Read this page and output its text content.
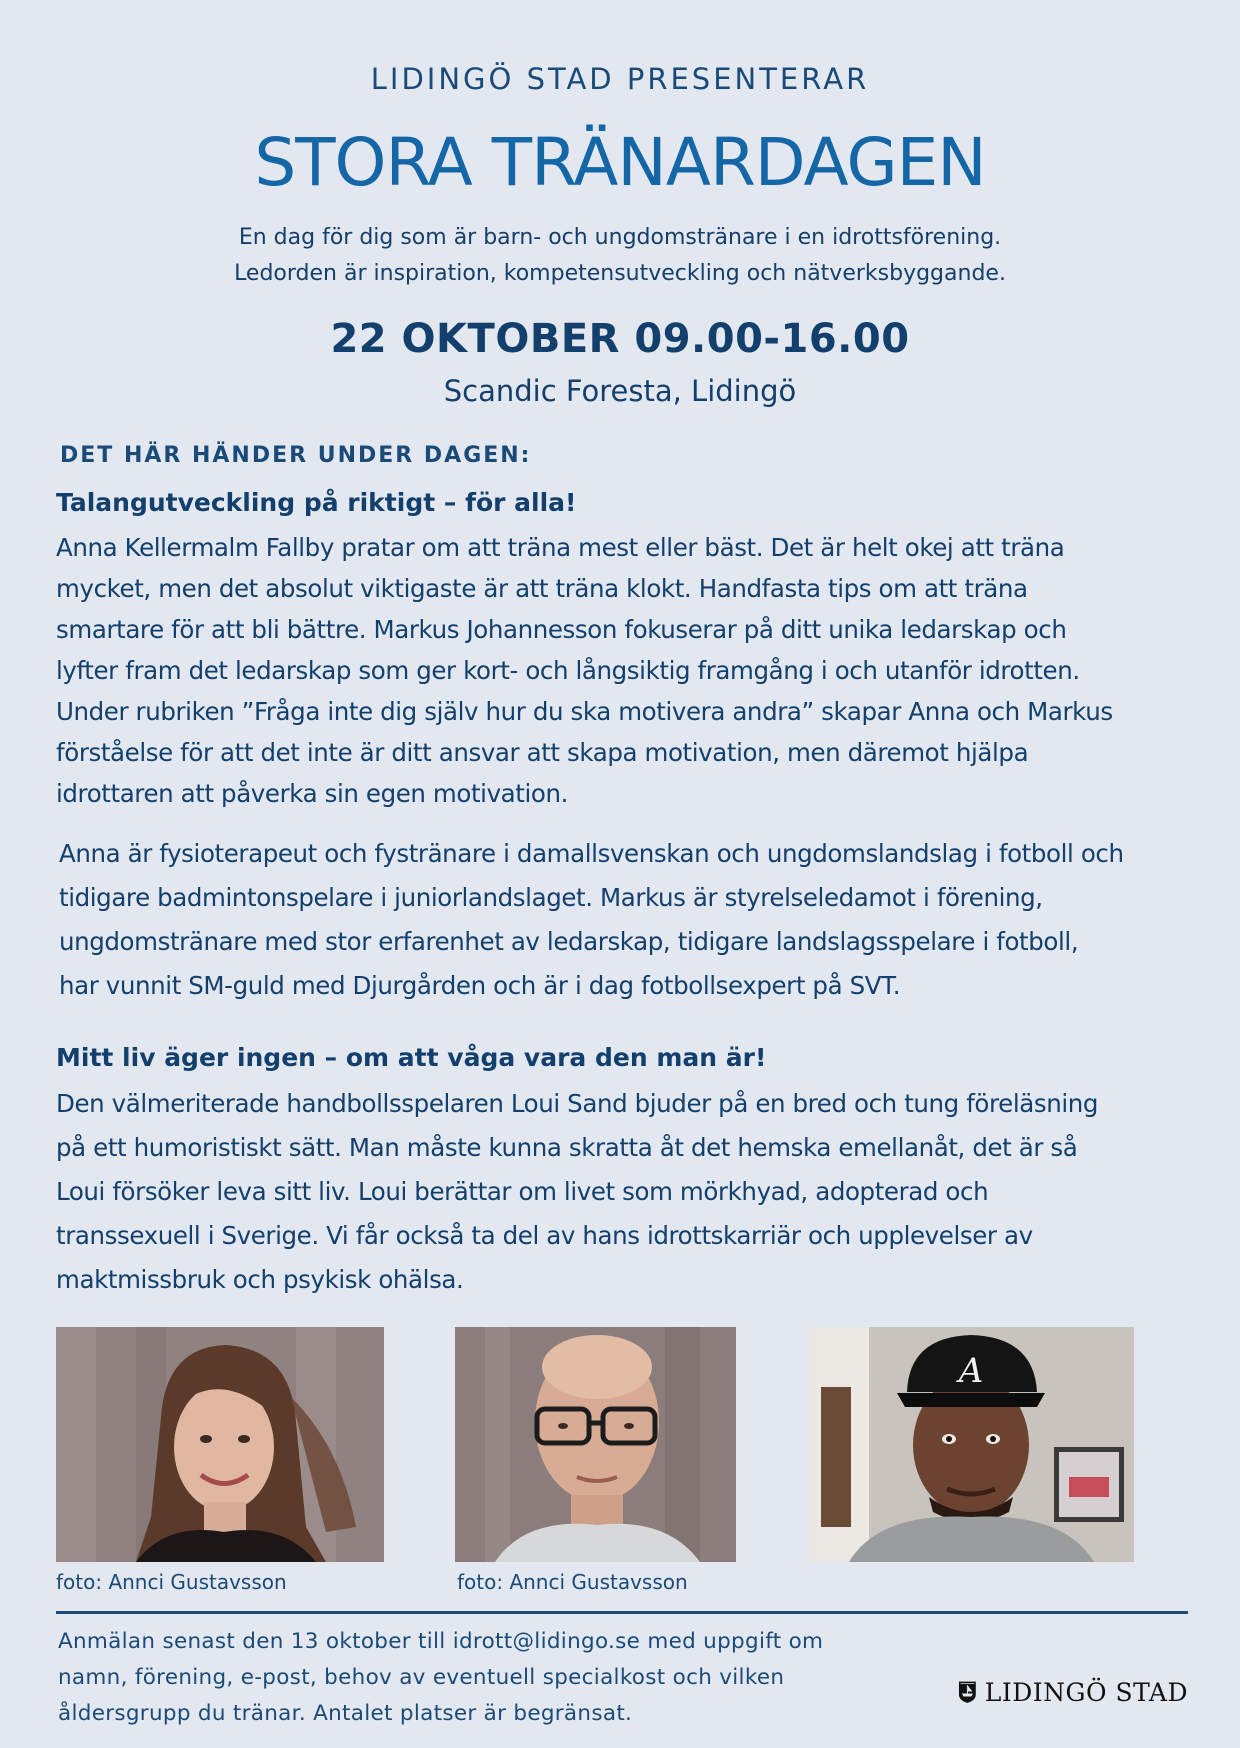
LIDINGÖ STAD PRESENTERAR
STORA TRÄNARDAGEN
En dag för dig som är barn- och ungdomstränare i en idrottsförening.
Ledorden är inspiration, kompetensutveckling och nätverksbyggande.
22 OKTOBER 09.00-16.00
Scandic Foresta, Lidingö
DET HÄR HÄNDER UNDER DAGEN:
Talangutveckling på riktigt – för alla!
Anna Kellermalm Fallby pratar om att träna mest eller bäst. Det är helt okej att träna
mycket, men det absolut viktigaste är att träna klokt. Handfasta tips om att träna
smartare för att bli bättre. Markus Johannesson fokuserar på ditt unika ledarskap och
lyfter fram det ledarskap som ger kort- och långsiktig framgång i och utanför idrotten.
Under rubriken ”Fråga inte dig själv hur du ska motivera andra” skapar Anna och Markus
förståelse för att det inte är ditt ansvar att skapa motivation, men däremot hjälpa
idrottaren att påverka sin egen motivation.
Anna är fysioterapeut och fystränare i damallsvenskan och ungdomslandslag i fotboll och
tidigare badmintonspelare i juniorlandslaget. Markus är styrelseledamot i förening,
ungdomstränare med stor erfarenhet av ledarskap, tidigare landslagsspelare i fotboll,
har vunnit SM-guld med Djurgården och är i dag fotbollsexpert på SVT.
Mitt liv äger ingen – om att våga vara den man är!
Den välmeriterade handbollsspelaren Loui Sand bjuder på en bred och tung föreläsning
på ett humoristiskt sätt. Man måste kunna skratta åt det hemska emellanåt, det är så
Loui försöker leva sitt liv. Loui berättar om livet som mörkhyad, adopterad och
transsexuell i Sverige. Vi får också ta del av hans idrottskarriär och upplevelser av
maktmissbruk och psykisk ohälsa.
A
foto: Annci Gustavsson	foto: Annci Gustavsson
Anmälan senast den 13 oktober till idrott@lidingo.se med uppgift om
namn, förening, e-post, behov av eventuell specialkost och vilken
åldersgrupp du tränar. Antalet platser är begränsat.
LIDINGÖ STAD
